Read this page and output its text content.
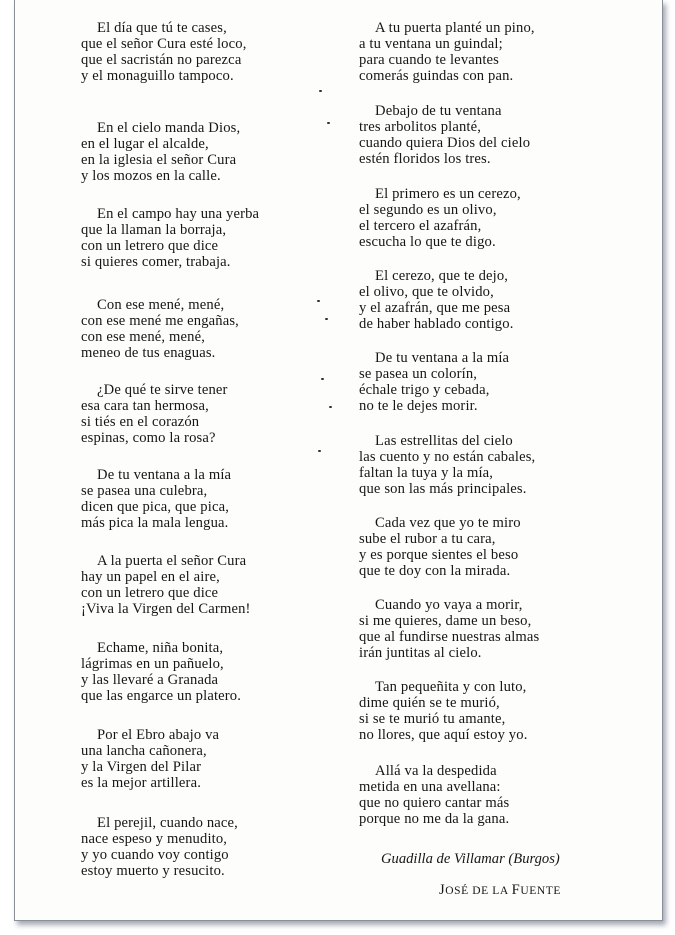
El día que tú te cases,
que el señor Cura esté loco,
que el sacristán no parezca
y el monaguillo tampoco.
En el cielo manda Dios,
en el lugar el alcalde,
en la iglesia el señor Cura
y los mozos en la calle.
En el campo hay una yerba
que la llaman la borraja,
con un letrero que dice
si quieres comer, trabaja.
Con ese mené, mené,
con ese mené me engañas,
con ese mené, mené,
meneo de tus enaguas.
¿De qué te sirve tener
esa cara tan hermosa,
si tiés en el corazón
espinas, como la rosa?
De tu ventana a la mía
se pasea una culebra,
dicen que pica, que pica,
más pica la mala lengua.
A la puerta el señor Cura
hay un papel en el aire,
con un letrero que dice
¡Viva la Virgen del Carmen!
Echame, niña bonita,
lágrimas en un pañuelo,
y las llevaré a Granada
que las engarce un platero.
Por el Ebro abajo va
una lancha cañonera,
y la Virgen del Pilar
es la mejor artillera.
El perejil, cuando nace,
nace espeso y menudito,
y yo cuando voy contigo
estoy muerto y resucito.
A tu puerta planté un pino,
a tu ventana un guindal;
para cuando te levantes
comerás guindas con pan.
Debajo de tu ventana
tres arbolitos planté,
cuando quiera Dios del cielo
estén floridos los tres.
El primero es un cerezo,
el segundo es un olivo,
el tercero el azafrán,
escucha lo que te digo.
El cerezo, que te dejo,
el olivo, que te olvido,
y el azafrán, que me pesa
de haber hablado contigo.
De tu ventana a la mía
se pasea un colorín,
échale trigo y cebada,
no te le dejes morir.
Las estrellitas del cielo
las cuento y no están cabales,
faltan la tuya y la mía,
que son las más principales.
Cada vez que yo te miro
sube el rubor a tu cara,
y es porque sientes el beso
que te doy con la mirada.
Cuando yo vaya a morir,
si me quieres, dame un beso,
que al fundirse nuestras almas
irán juntitas al cielo.
Tan pequeñita y con luto,
dime quién se te murió,
si se te murió tu amante,
no llores, que aquí estoy yo.
Allá va la despedida
metida en una avellana:
que no quiero cantar más
porque no me da la gana.
Guadilla de Villamar (Burgos)
JOSÉ DE LA FUENTE
